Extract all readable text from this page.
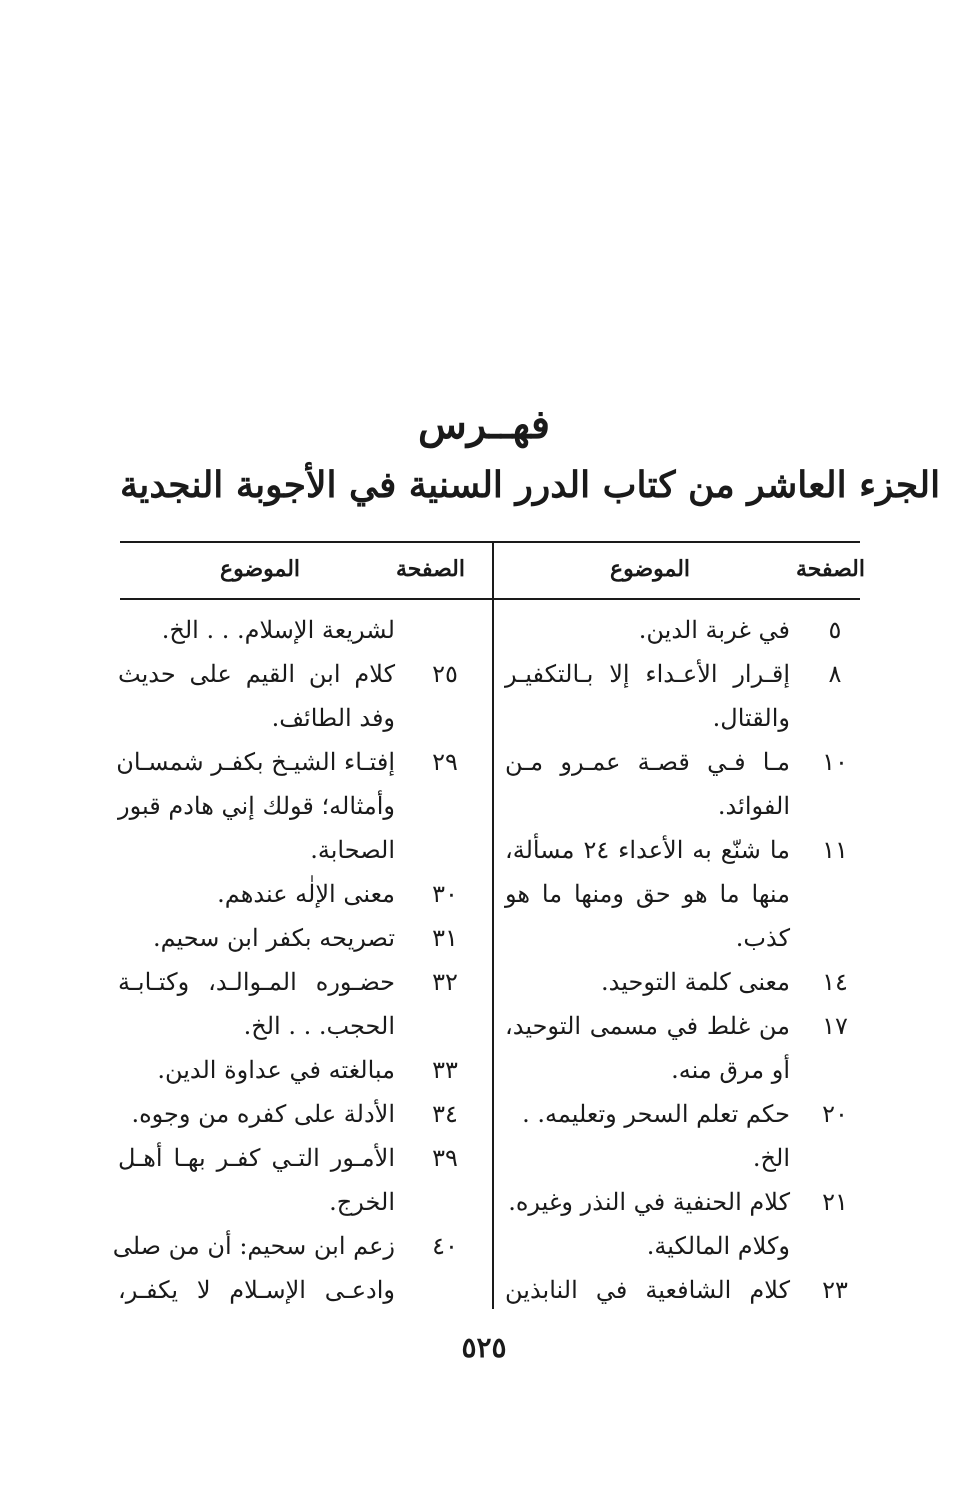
فهــرس
الجزء العاشر من كتاب الدرر السنية في الأجوبة النجدية
الصفحة
الموضوع
الصفحة
الموضوع
٥
في غربة الدين.
٨
إقـرار الأعـداء إلا بـالتكفيـر
والقتال.
١٠
مـا فـي قصـة عمـرو مـن
الفوائد.
١١
ما شنّع به الأعداء ٢٤ مسألة،
منها ما هو حق ومنها ما هو
كذب.
١٤
معنى كلمة التوحيد.
١٧
من غلط في مسمى التوحيد،
أو مرق منه.
٢٠
حكم تعلم السحر وتعليمه. .
الخ.
٢١
كلام الحنفية في النذر وغيره.
وكلام المالكية.
٢٣
كلام الشافعية في النابذين
لشريعة الإسلام. . . الخ.
٢٥
كلام ابن القيم على حديث
وفد الطائف.
٢٩
إفتـاء الشيـخ بكفـر شمسـان
وأمثاله؛ قولك إني هادم قبور
الصحابة.
٣٠
معنى الإلٰه عندهم.
٣١
تصريحه بكفر ابن سحيم.
٣٢
حضـوره المـوالـد، وكتـابـة
الحجب. . . الخ.
٣٣
مبالغته في عداوة الدين.
٣٤
الأدلة على كفره من وجوه.
٣٩
الأمـور التـي كفـر بهـا أهـل
الخرج.
٤٠
زعم ابن سحيم: أن من صلى
وادعـى الإسـلام لا يكفـر،
٥٢٥
